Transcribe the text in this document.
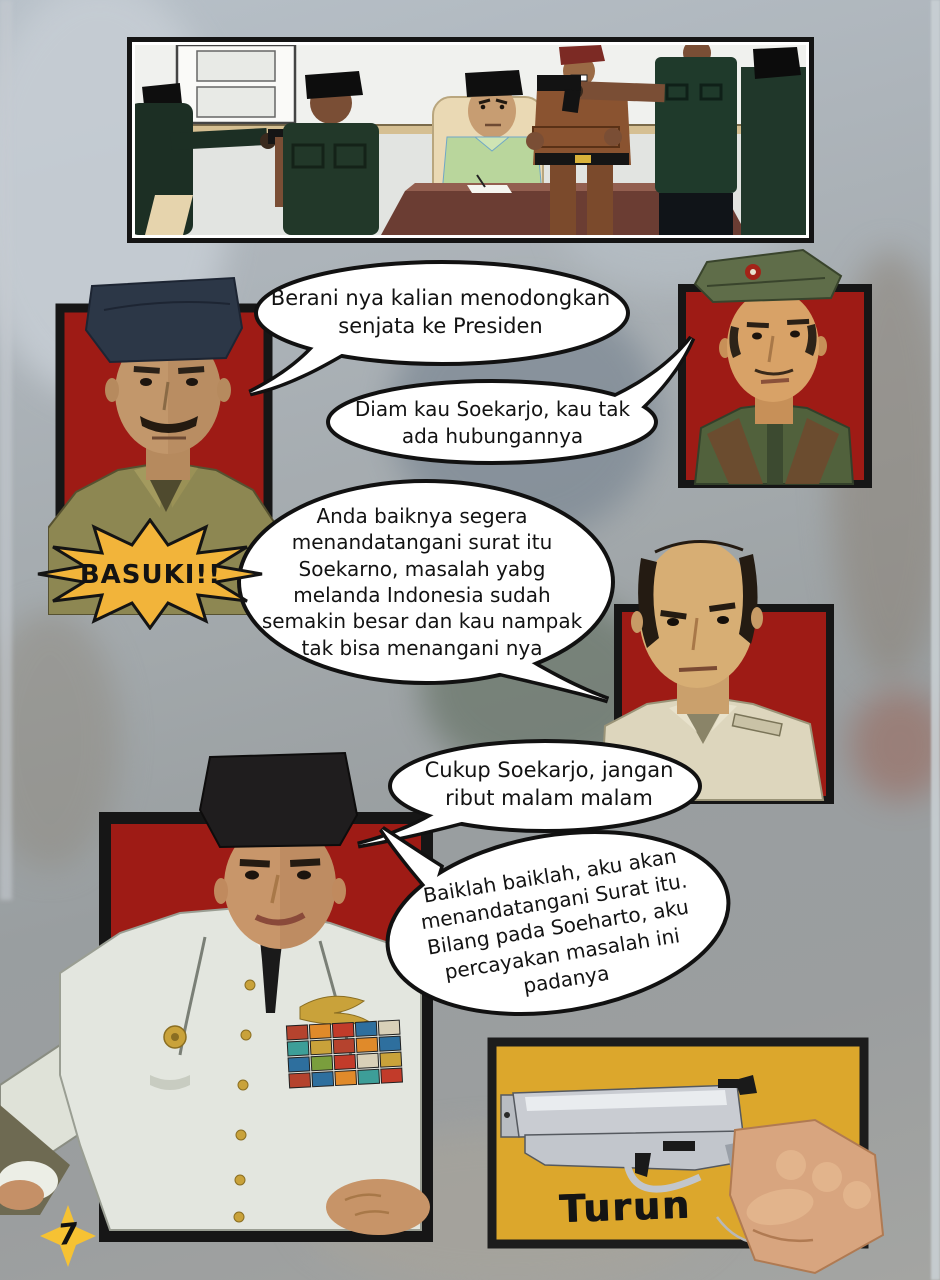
Berani nya kalian menodongkan senjata ke Presiden
Diam kau Soekarjo, kau tak ada hubungannya
Anda baiknya segera menandatangani surat itu Soekarno, masalah yabg melanda Indonesia sudah semakin besar dan kau nampak tak bisa menangani nya
BASUKI!!
Cukup Soekarjo, jangan ribut malam malam
Baiklah baiklah, aku akan menandatangani Surat itu. Bilang pada Soeharto, aku percayakan masalah ini padanya
Turun
7
